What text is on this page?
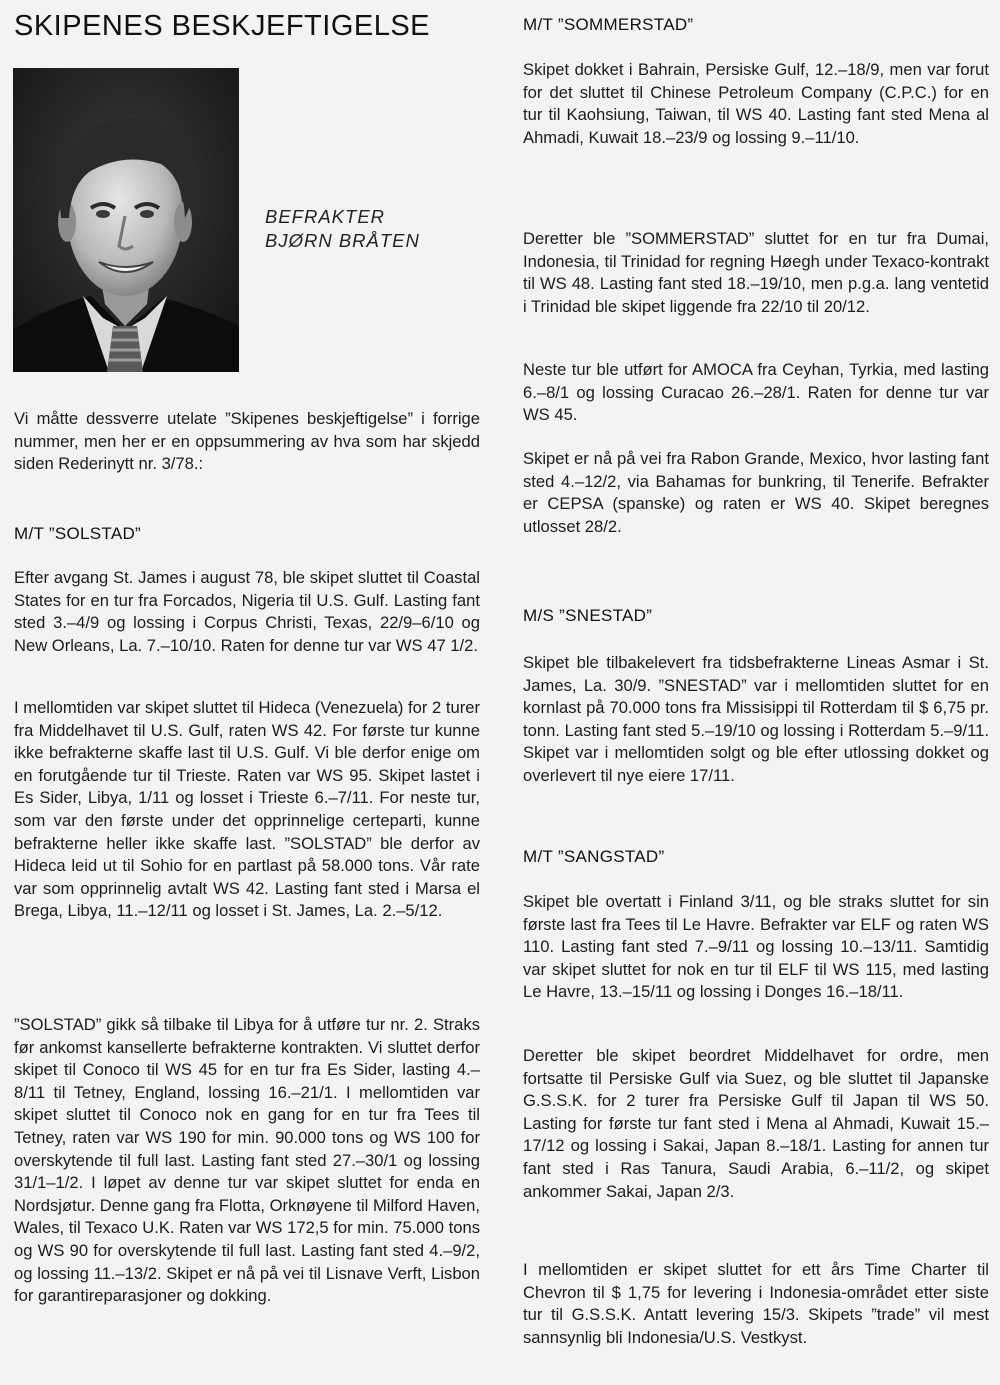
SKIPENES BESKJEFTIGELSE
BEFRAKTER
BJØRN BRÅTEN

Vi måtte dessverre utelate ”Skipenes beskjeftigelse” i forrige nummer, men her er en oppsummering av hva som har skjedd siden Rederinytt nr. 3/78.:

M/T ”SOLSTAD”

Efter avgang St. James i august 78, ble skipet sluttet til Coastal States for en tur fra Forcados, Nigeria til U.S. Gulf. Lasting fant sted 3.–4/9 og lossing i Corpus Christi, Texas, 22/9–6/10 og New Orleans, La. 7.–10/10. Raten for denne tur var WS 47 1/2.

I mellomtiden var skipet sluttet til Hideca (Venezuela) for 2 turer fra Middelhavet til U.S. Gulf, raten WS 42. For første tur kunne ikke befrakterne skaffe last til U.S. Gulf. Vi ble derfor enige om en forutgående tur til Trieste. Raten var WS 95. Skipet lastet i Es Sider, Libya, 1/11 og losset i Trieste 6.–7/11. For neste tur, som var den første under det opprinnelige certeparti, kunne befrakterne heller ikke skaffe last. ”SOLSTAD” ble derfor av Hideca leid ut til Sohio for en partlast på 58.000 tons. Vår rate var som opprinnelig avtalt WS 42. Lasting fant sted i Marsa el Brega, Libya, 11.–12/11 og losset i St. James, La. 2.–5/12.

”SOLSTAD” gikk så tilbake til Libya for å utføre tur nr. 2. Straks før ankomst kansellerte befrakterne kontrakten. Vi sluttet derfor skipet til Conoco til WS 45 for en tur fra Es Sider, lasting 4.–8/11 til Tetney, England, lossing 16.–21/1. I mellomtiden var skipet sluttet til Conoco nok en gang for en tur fra Tees til Tetney, raten var WS 190 for min. 90.000 tons og WS 100 for overskytende til full last. Lasting fant sted 27.–30/1 og lossing 31/1–1/2. I løpet av denne tur var skipet sluttet for enda en Nordsjøtur. Denne gang fra Flotta, Orknøyene til Milford Haven, Wales, til Texaco U.K. Raten var WS 172,5 for min. 75.000 tons og WS 90 for overskytende til full last. Lasting fant sted 4.–9/2, og lossing 11.–13/2. Skipet er nå på vei til Lisnave Verft, Lisbon for garantireparasjoner og dokking.

M/T ”SOMMERSTAD”

Skipet dokket i Bahrain, Persiske Gulf, 12.–18/9, men var forut for det sluttet til Chinese Petroleum Company (C.P.C.) for en tur til Kaohsiung, Taiwan, til WS 40. Lasting fant sted Mena al Ahmadi, Kuwait 18.–23/9 og lossing 9.–11/10.

Deretter ble ”SOMMERSTAD” sluttet for en tur fra Dumai, Indonesia, til Trinidad for regning Høegh under Texaco-kontrakt til WS 48. Lasting fant sted 18.–19/10, men p.g.a. lang ventetid i Trinidad ble skipet liggende fra 22/10 til 20/12.

Neste tur ble utført for AMOCA fra Ceyhan, Tyrkia, med lasting 6.–8/1 og lossing Curacao 26.–28/1. Raten for denne tur var WS 45.

Skipet er nå på vei fra Rabon Grande, Mexico, hvor lasting fant sted 4.–12/2, via Bahamas for bunkring, til Tenerife. Befrakter er CEPSA (spanske) og raten er WS 40. Skipet beregnes utlosset 28/2.

M/S ”SNESTAD”

Skipet ble tilbakelevert fra tidsbefrakterne Lineas Asmar i St. James, La. 30/9. ”SNESTAD” var i mellomtiden sluttet for en kornlast på 70.000 tons fra Missisippi til Rotterdam til $ 6,75 pr. tonn. Lasting fant sted 5.–19/10 og lossing i Rotterdam 5.–9/11. Skipet var i mellomtiden solgt og ble efter utlossing dokket og overlevert til nye eiere 17/11.

M/T ”SANGSTAD”

Skipet ble overtatt i Finland 3/11, og ble straks sluttet for sin første last fra Tees til Le Havre. Befrakter var ELF og raten WS 110. Lasting fant sted 7.–9/11 og lossing 10.–13/11. Samtidig var skipet sluttet for nok en tur til ELF til WS 115, med lasting Le Havre, 13.–15/11 og lossing i Donges 16.–18/11.

Deretter ble skipet beordret Middelhavet for ordre, men fortsatte til Persiske Gulf via Suez, og ble sluttet til Japanske G.S.S.K. for 2 turer fra Persiske Gulf til Japan til WS 50. Lasting for første tur fant sted i Mena al Ahmadi, Kuwait 15.–17/12 og lossing i Sakai, Japan 8.–18/1. Lasting for annen tur fant sted i Ras Tanura, Saudi Arabia, 6.–11/2, og skipet ankommer Sakai, Japan 2/3.

I mellomtiden er skipet sluttet for ett års Time Charter til Chevron til $ 1,75 for levering i Indonesia-området etter siste tur til G.S.S.K. Antatt levering 15/3. Skipets ”trade” vil mest sannsynlig bli Indonesia/U.S. Vestkyst.
